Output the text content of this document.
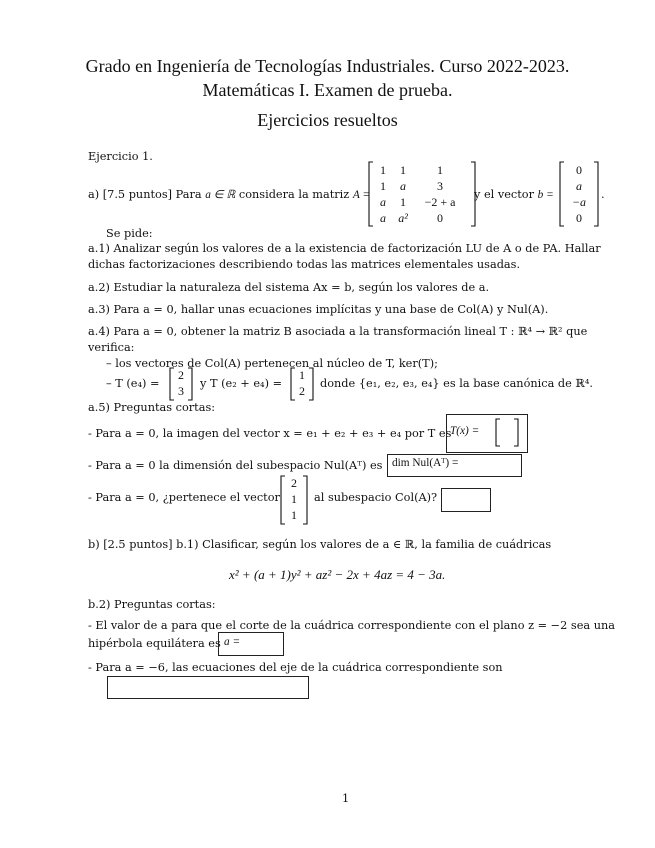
Grado en Ingeniería de Tecnologías Industriales. Curso 2022-2023.
Matemáticas I. Examen de prueba.
Ejercicios resueltos
Ejercicio 1.
a) [7.5 puntos] Para a ∈ ℝ considera la matriz A =
1	1	1
1	a	3
a	1	−2 + a
a	a²	0
y el vector b =
0
a
−a
0
.
Se pide:
a.1) Analizar según los valores de a la existencia de factorización LU de A o de PA. Hallar
dichas factorizaciones describiendo todas las matrices elementales usadas.
a.2) Estudiar la naturaleza del sistema Ax = b, según los valores de a.
a.3) Para a = 0, hallar unas ecuaciones implícitas y una base de Col(A) y Nul(A).
a.4) Para a = 0, obtener la matriz B asociada a la transformación lineal T : ℝ⁴ → ℝ² que
verifica:
– los vectores de Col(A) pertenecen al núcleo de T, ker(T);
– T (e₄) =
2
3
y T (e₂ + e₄) =
1
2
donde {e₁, e₂, e₃, e₄} es la base canónica de ℝ⁴.
a.5) Preguntas cortas:
- Para a = 0, la imagen del vector x = e₁ + e₂ + e₃ + e₄ por T es
T(x) =
- Para a = 0 la dimensión del subespacio Nul(Aᵀ) es dim Nul(Aᵀ) =
- Para a = 0, ¿pertenece el vector
2
1
1
al subespacio Col(A)?
b) [2.5 puntos] b.1) Clasificar, según los valores de a ∈ ℝ, la familia de cuádricas
x² + (a + 1)y² + az² − 2x + 4az = 4 − 3a.
b.2) Preguntas cortas:
- El valor de a para que el corte de la cuádrica correspondiente con el plano z = −2 sea una
hipérbola equilátera es a =
- Para a = −6, las ecuaciones del eje de la cuádrica correspondiente son
1
